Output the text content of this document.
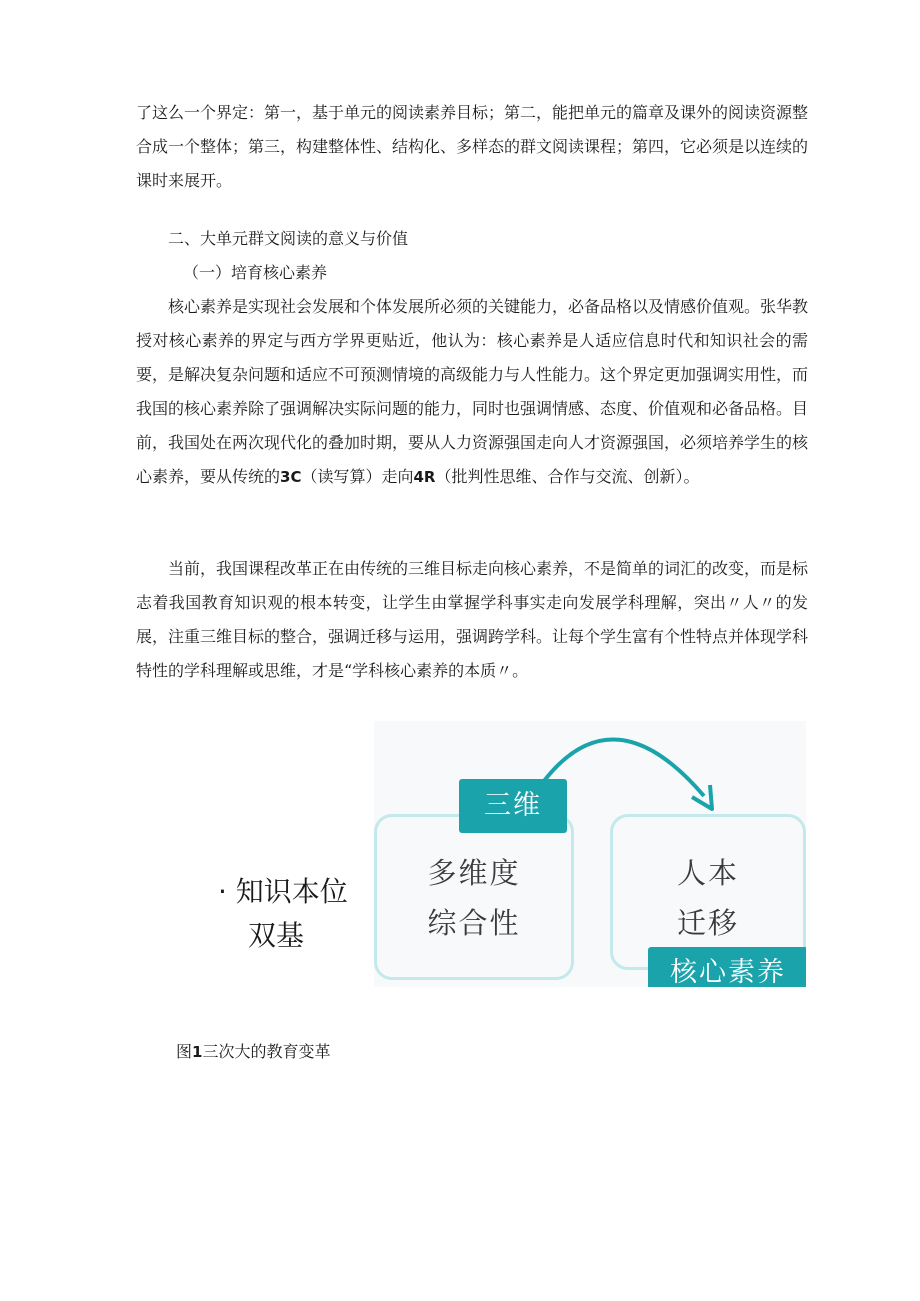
了这么一个界定：第一，基于单元的阅读素养目标；第二，能把单元的篇章及课外的阅读资源整合成一个整体；第三，构建整体性、结构化、多样态的群文阅读课程；第四，它必须是以连续的课时来展开。

二、大单元群文阅读的意义与价值
（一）培育核心素养

核心素养是实现社会发展和个体发展所必须的关键能力，必备品格以及情感价值观。张华教授对核心素养的界定与西方学界更贴近，他认为：核心素养是人适应信息时代和知识社会的需要，是解决复杂问题和适应不可预测情境的高级能力与人性能力。这个界定更加强调实用性，而我国的核心素养除了强调解决实际问题的能力，同时也强调情感、态度、价值观和必备品格。目前，我国处在两次现代化的叠加时期，要从人力资源强国走向人才资源强国，必须培养学生的核心素养，要从传统的3C（读写算）走向4R（批判性思维、合作与交流、创新）。

当前，我国课程改革正在由传统的三维目标走向核心素养，不是简单的词汇的改变，而是标志着我国教育知识观的根本转变，让学生由掌握学科事实走向发展学科理解，突出〃人〃的发展，注重三维目标的整合，强调迁移与运用，强调跨学科。让每个学生富有个性特点并体现学科特性的学科理解或思维，才是“学科核心素养的本质〃。

· 知识本位
双基
多维度
综合性
人本
迁移
三维
核心素养
图1三次大的教育变革
